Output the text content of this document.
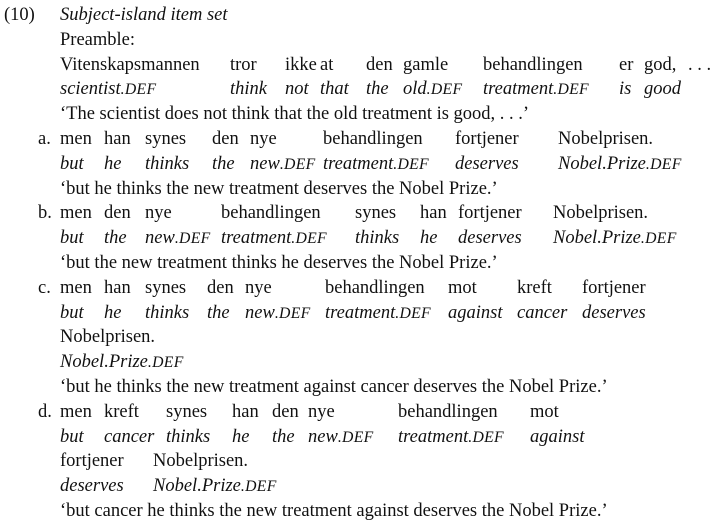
(10) Subject-island item set
Preamble:
Vitenskapsmannen tror ikke at den gamle behandlingen er god, . . .
scientist.DEF	think not that the old.DEF treatment.DEF is good
‘The scientist does not think that the old treatment is good, . . .’
a. men han synes den nye	behandlingen fortjener Nobelprisen.
but he thinks the new.DEF treatment.DEF deserves Nobel.Prize.DEF
‘but he thinks the new treatment deserves the Nobel Prize.’
b. men den nye	behandlingen synes han fortjener Nobelprisen.
but the new.DEF treatment.DEF thinks he deserves Nobel.Prize.DEF
‘but the new treatment thinks he deserves the Nobel Prize.’
c. men han synes den nye	behandlingen mot kreft fortjener
but he thinks the new.DEF treatment.DEF against cancer deserves
Nobelprisen.
Nobel.Prize.DEF
‘but he thinks the new treatment against cancer deserves the Nobel Prize.’
d. men kreft synes han den nye	behandlingen mot
but cancer thinks he the new.DEF treatment.DEF against
fortjener Nobelprisen.
deserves Nobel.Prize.DEF
‘but cancer he thinks the new treatment against deserves the Nobel Prize.’
